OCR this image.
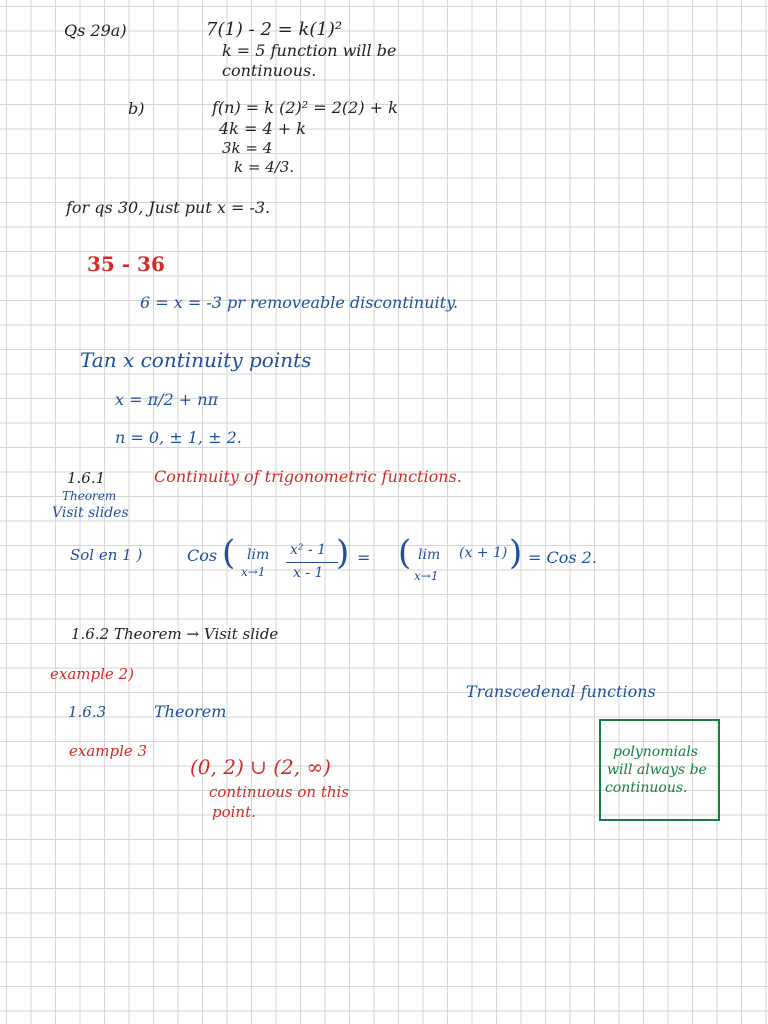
Qs 29a)	7(1) - 2 = k(1)²
k = 5 function will be
continuous.
b)	f(n) = k (2)² = 2(2) + k
4k = 4 + k
3k = 4
k = 4/3.
for qs 30, Just put x = -3.
35 - 36
6 = x = -3 pr removeable discontinuity.
Tan x continuity points
x = π/2 + nπ
n = 0, ± 1, ± 2.
1.6.1	Continuity of trigonometric functions.
Theorem
Visit slides
Sol en 1 )	Cos ( lim
x→1
x² - 1
x - 1 ) = ( lim
x→1
(x + 1) ) = Cos 2.
1.6.2 Theorem → Visit slide
example 2)
Transcedenal functions
1.6.3	Theorem
example 3
(0, 2) ∪ (2, ∞)
continuous on this
point.
polynomials
will always be
continuous.
